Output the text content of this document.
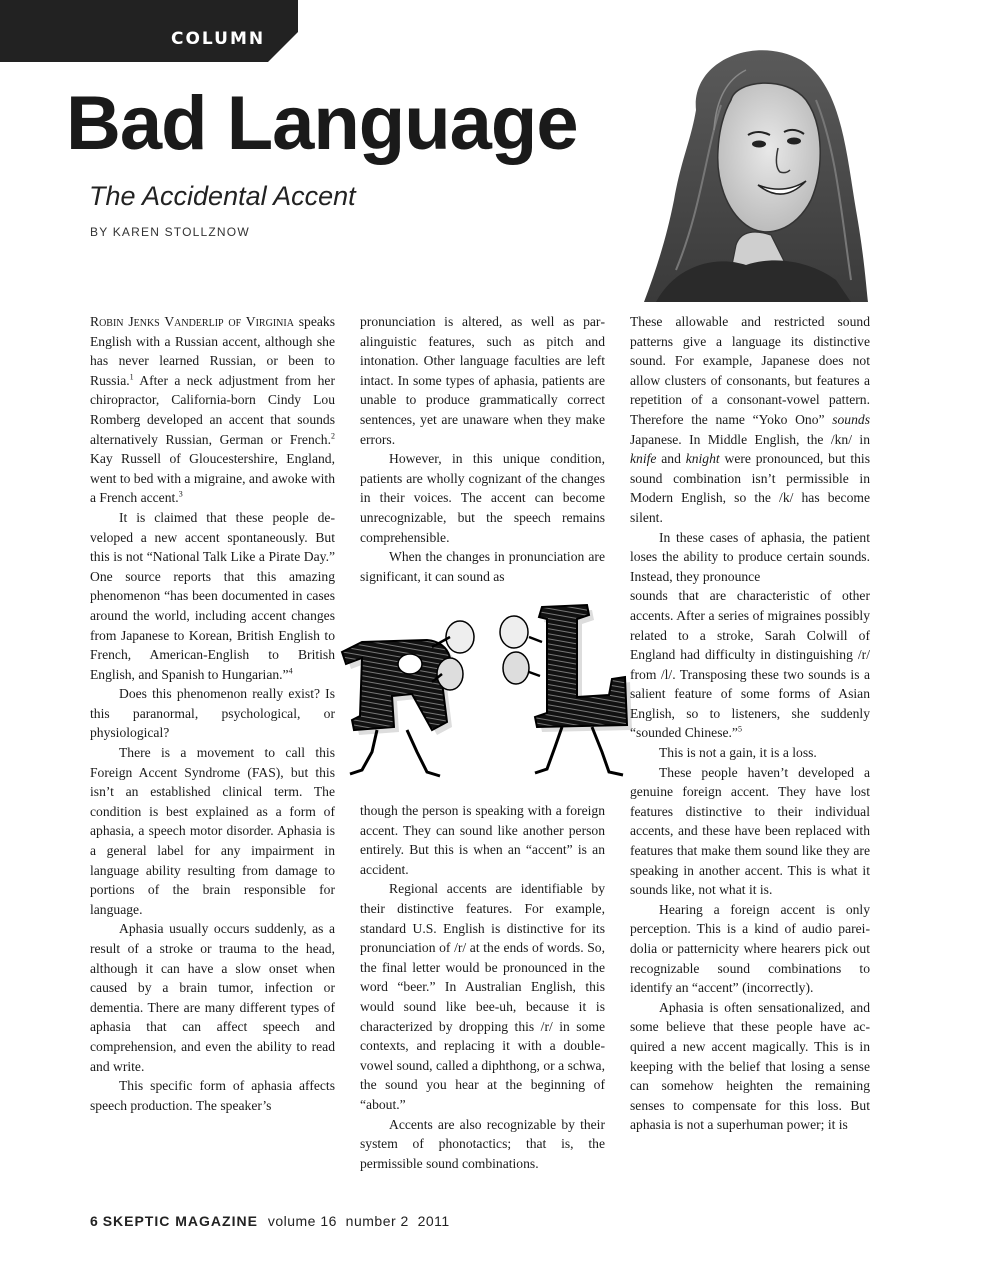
COLUMN
Bad Language
The Accidental Accent
BY KAREN STOLLZNOW

Robin Jenks Vanderlip of Virginia speaks English with a Russian accent, although she has never learned Russian, or been to Russia.$^1$ After a neck adjustment from her chiropractor, California-born Cindy Lou Romberg developed an accent that sounds alternatively Russian, German or French.$^2$ Kay Russell of Gloucestershire, England, went to bed with a migraine, and awoke with a French accent.$^3$

It is claimed that these people developed a new accent spontaneously. But this is not “National Talk Like a Pirate Day.” One source reports that this amazing phenomenon “has been documented in cases around the world, including accent changes from Japanese to Korean, British English to French, American-English to British English, and Spanish to Hungarian.”$^4$

Does this phenomenon really exist? Is this paranormal, psychological, or physiological?

There is a movement to call this Foreign Accent Syndrome (FAS), but this isn’t an established clinical term. The condition is best explained as a form of aphasia, a speech motor disorder. Aphasia is a general label for any impairment in language ability resulting from damage to portions of the brain responsible for language.

Aphasia usually occurs suddenly, as a result of a stroke or trauma to the head, although it can have a slow onset when caused by a brain tumor, infection or dementia. There are many different types of aphasia that can affect speech and comprehension, and even the ability to read and write.

This specific form of aphasia affects speech production. The speaker’s

pronunciation is altered, as well as paralinguistic features, such as pitch and intonation. Other language faculties are left intact. In some types of aphasia, patients are unable to produce grammatically correct sentences, yet are unaware when they make errors.

However, in this unique condition, patients are wholly cognizant of the changes in their voices. The accent can become unrecognizable, but the speech remains comprehensible.

When the changes in pronunciation are significant, it can sound as

though the person is speaking with a foreign accent. They can sound like another person entirely. But this is when an “accent” is an accident.

Regional accents are identifiable by their distinctive features. For example, standard U.S. English is distinctive for its pronunciation of /r/ at the ends of words. So, the final letter would be pronounced in the word “beer.” In Australian English, this would sound like bee-uh, because it is characterized by dropping this /r/ in some contexts, and replacing it with a double-vowel sound, called a diphthong, or a schwa, the sound you hear at the beginning of “about.”

Accents are also recognizable by their system of phonotactics; that is, the permissible sound combinations.

These allowable and restricted sound patterns give a language its distinctive sound. For example, Japanese does not allow clusters of consonants, but features a repetition of a consonant-vowel pattern. Therefore the name “Yoko Ono” sounds Japanese. In Middle English, the /kn/ in knife and knight were pronounced, but this sound combination isn’t permissible in Modern English, so the /k/ has become silent.

In these cases of aphasia, the patient loses the ability to produce certain sounds. Instead, they pronounce

sounds that are characteristic of other accents. After a series of migraines possibly related to a stroke, Sarah Colwill of England had difficulty in distinguishing /r/ from /l/. Transposing these two sounds is a salient feature of some forms of Asian English, so to listeners, she suddenly “sounded Chinese.”$^5$

This is not a gain, it is a loss.

These people haven’t developed a genuine foreign accent. They have lost features distinctive to their individual accents, and these have been replaced with features that make them sound like they are speaking in another accent. This is what it sounds like, not what it is.

Hearing a foreign accent is only perception. This is a kind of audio pareidolia or patternicity where hearers pick out recognizable sound combinations to identify an “accent” (incorrectly).

Aphasia is often sensationalized, and some believe that these people have acquired a new accent magically. This is in keeping with the belief that losing a sense can somehow heighten the remaining senses to compensate for this loss. But aphasia is not a superhuman power; it is

6 SKEPTIC MAGAZINE volume 16  number 2  2011
